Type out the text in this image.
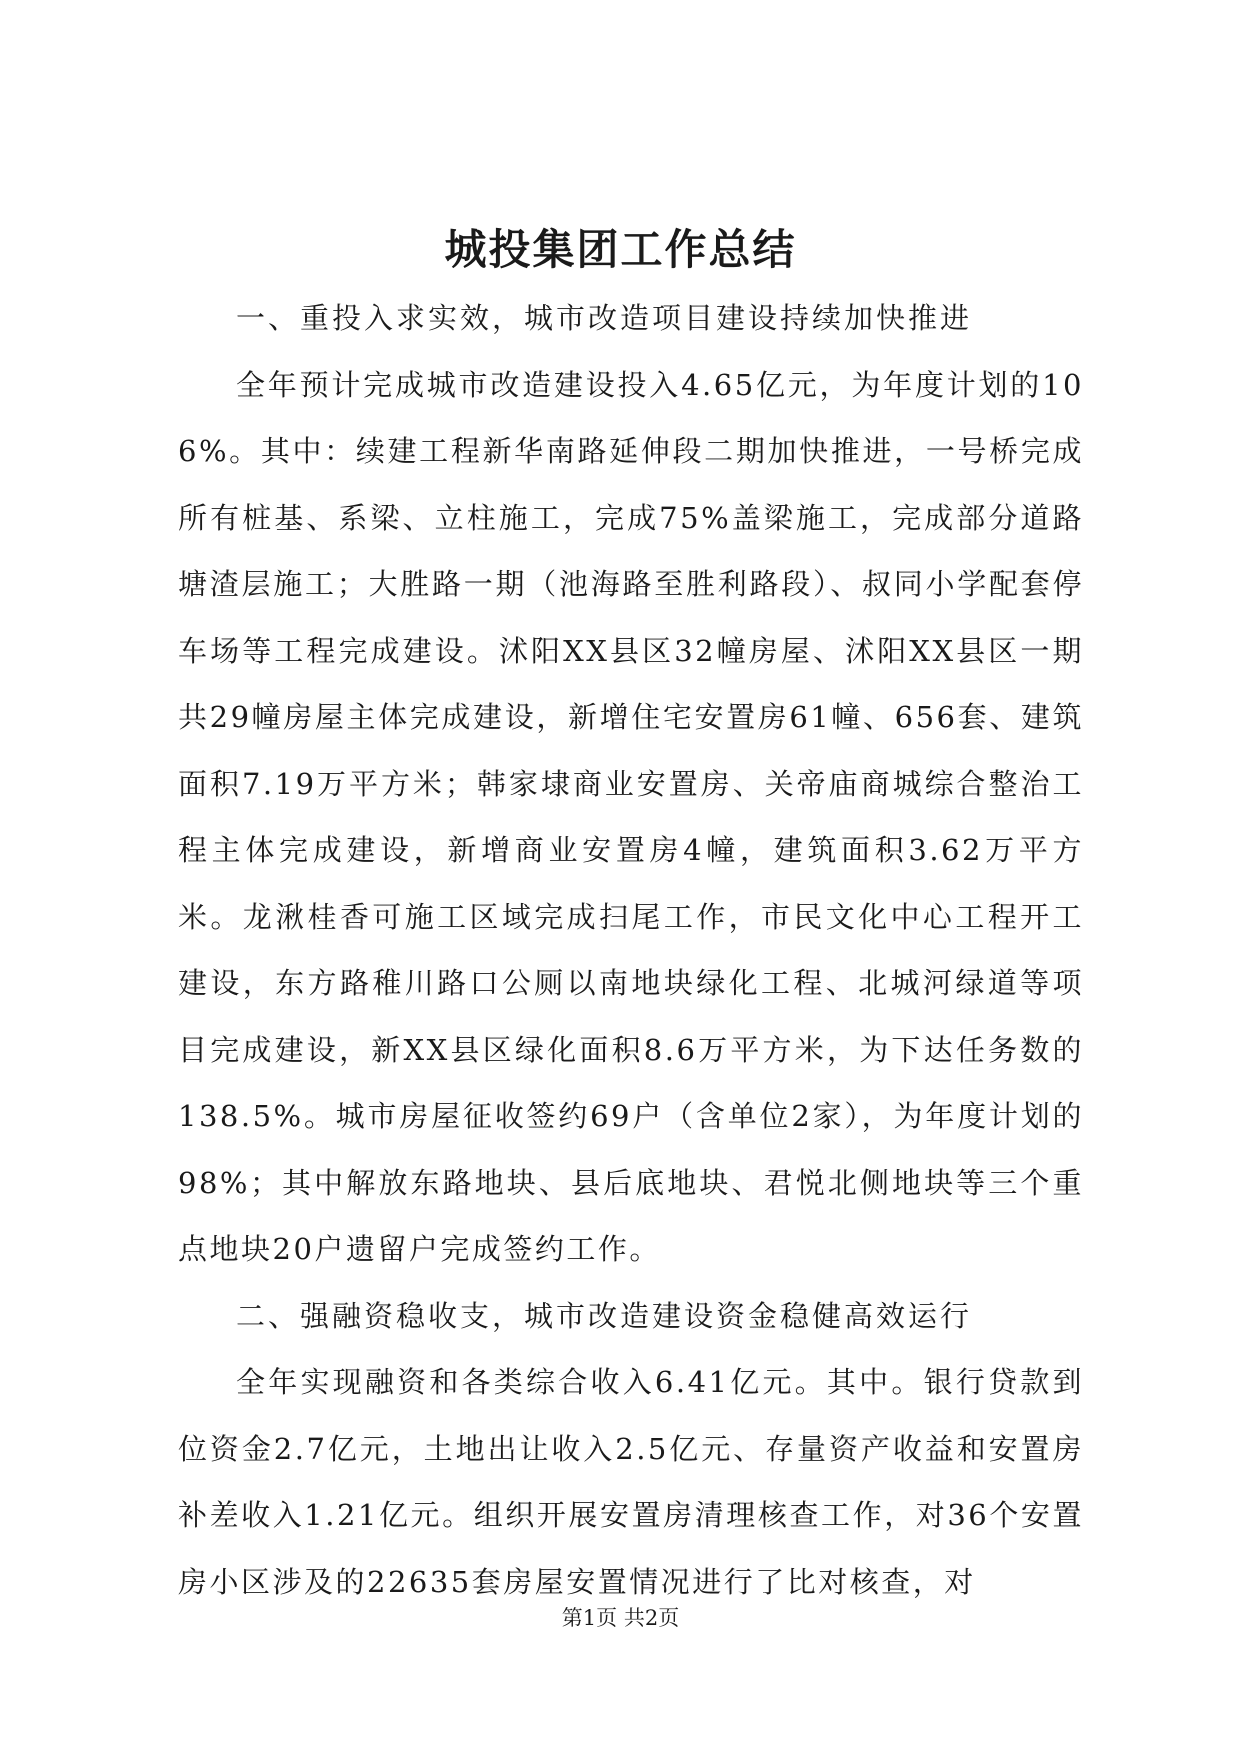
城投集团工作总结

一、重投入求实效，城市改造项目建设持续加快推进

全年预计完成城市改造建设投入4.65亿元，为年度计划的106%。其中：续建工程新华南路延伸段二期加快推进，一号桥完成所有桩基、系梁、立柱施工，完成75%盖梁施工，完成部分道路塘渣层施工；大胜路一期（池海路至胜利路段）、叔同小学配套停车场等工程完成建设。沭阳XX县区32幢房屋、沭阳XX县区一期共29幢房屋主体完成建设，新增住宅安置房61幢、656套、建筑面积7.19万平方米；韩家埭商业安置房、关帝庙商城综合整治工程主体完成建设，新增商业安置房4幢，建筑面积3.62万平方米。龙湫桂香可施工区域完成扫尾工作，市民文化中心工程开工建设，东方路稚川路口公厕以南地块绿化工程、北城河绿道等项目完成建设，新XX县区绿化面积8.6万平方米，为下达任务数的138.5%。城市房屋征收签约69户（含单位2家），为年度计划的98%；其中解放东路地块、县后底地块、君悦北侧地块等三个重点地块20户遗留户完成签约工作。

二、强融资稳收支，城市改造建设资金稳健高效运行

全年实现融资和各类综合收入6.41亿元。其中。银行贷款到位资金2.7亿元，土地出让收入2.5亿元、存量资产收益和安置房补差收入1.21亿元。组织开展安置房清理核查工作，对36个安置房小区涉及的22635套房屋安置情况进行了比对核查，对

第1页 共2页
